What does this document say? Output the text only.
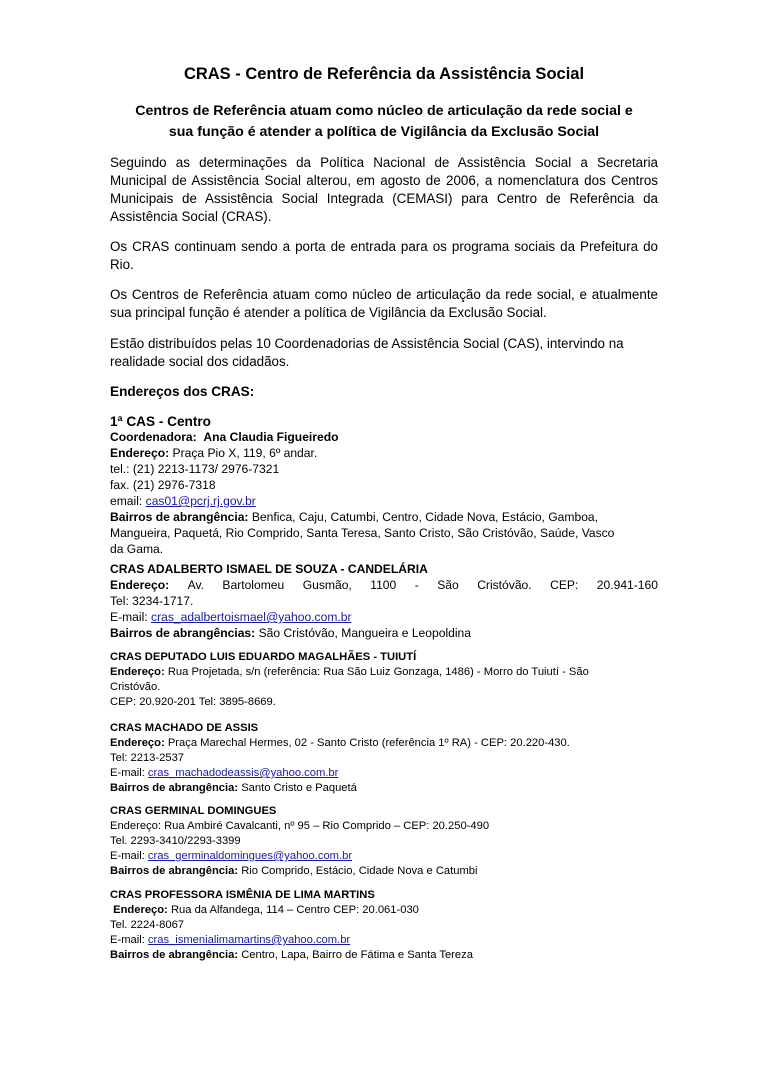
CRAS - Centro de Referência da Assistência Social
Centros de Referência atuam como núcleo de articulação da rede social e
sua função é atender a política de Vigilância da Exclusão Social

Seguindo as determinações da Política Nacional de Assistência Social a Secretaria Municipal de Assistência Social alterou, em agosto de 2006, a nomenclatura dos Centros Municipais de Assistência Social Integrada (CEMASI) para Centro de Referência da Assistência Social (CRAS).

Os CRAS continuam sendo a porta de entrada para os programa sociais da Prefeitura do Rio.

Os Centros de Referência atuam como núcleo de articulação da rede social, e atualmente sua principal função é atender a política de Vigilância da Exclusão Social.

Estão distribuídos pelas 10 Coordenadorias de Assistência Social (CAS), intervindo na realidade social dos cidadãos.

Endereços dos CRAS:
1ª CAS - Centro
Coordenadora: Ana Claudia Figueiredo
Endereço: Praça Pio X, 119, 6º andar.
tel.: (21) 2213-1173/ 2976-7321
fax. (21) 2976-7318
email: cas01@pcrj.rj.gov.br
Bairros de abrangência: Benfica, Caju, Catumbi, Centro, Cidade Nova, Estácio, Gamboa,
Mangueira, Paquetá, Rio Comprido, Santa Teresa, Santo Cristo, São Cristóvão, Saúde, Vasco
da Gama.
CRAS ADALBERTO ISMAEL DE SOUZA - CANDELÁRIA
Endereço: Av. Bartolomeu Gusmão, 1100 - São Cristóvão. CEP: 20.941-160
Tel: 3234-1717.
E-mail: cras_adalbertoismael@yahoo.com.br
Bairros de abrangências: São Cristóvão, Mangueira e Leopoldina
CRAS DEPUTADO LUIS EDUARDO MAGALHÃES - TUIUTÍ
Endereço: Rua Projetada, s/n (referência: Rua São Luiz Gonzaga, 1486) - Morro do Tuiutí - São
Cristóvão.
CEP: 20.920-201 Tel: 3895-8669.
CRAS MACHADO DE ASSIS
Endereço: Praça Marechal Hermes, 02 - Santo Cristo (referência 1º RA) - CEP: 20.220-430.
Tel: 2213-2537
E-mail: cras_machadodeassis@yahoo.com.br
Bairros de abrangência: Santo Cristo e Paquetá
CRAS GERMINAL DOMINGUES
Endereço: Rua Ambiré Cavalcanti, nº 95 – Rio Comprido – CEP: 20.250-490
Tel. 2293-3410/2293-3399
E-mail: cras_germinaldomingues@yahoo.com.br
Bairros de abrangência: Rio Comprido, Estácio, Cidade Nova e Catumbi
CRAS PROFESSORA ISMÊNIA DE LIMA MARTINS
Endereço: Rua da Alfandega, 114 – Centro CEP: 20.061-030
Tel. 2224-8067
E-mail: cras_ismenialimamartins@yahoo.com.br
Bairros de abrangência: Centro, Lapa, Bairro de Fátima e Santa Tereza
